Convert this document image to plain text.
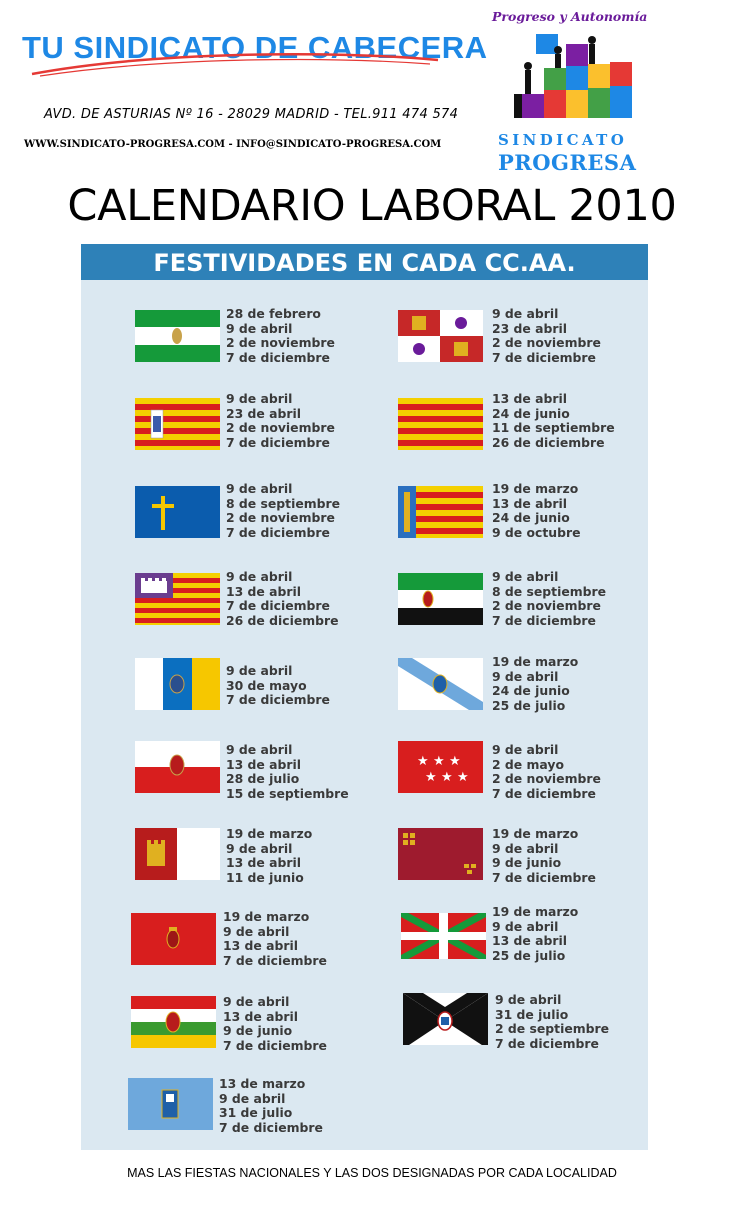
TU SINDICATO DE CABECERA
AVD. DE ASTURIAS Nº 16 - 28029 MADRID - TEL.911 474 574
WWW.SINDICATO-PROGRESA.COM - INFO@SINDICATO-PROGRESA.COM
Progreso y Autonomía
SINDICATO
PROGRESA
CALENDARIO LABORAL 2010
FESTIVIDADES EN CADA CC.AA.
28 de febrero
9 de abril
2 de noviembre
7 de diciembre
9 de abril
23 de abril
2 de noviembre
7 de diciembre
9 de abril
8 de septiembre
2 de noviembre
7 de diciembre
9 de abril
13 de abril
7 de diciembre
26 de diciembre
9 de abril
30 de mayo
7 de diciembre
9 de abril
13 de abril
28 de julio
15 de septiembre
19 de marzo
9 de abril
13 de abril
11 de junio
19 de marzo
9 de abril
13 de abril
7 de diciembre
9 de abril
13 de abril
9 de junio
7 de diciembre
13 de marzo
9 de abril
31 de julio
7 de diciembre
9 de abril
23 de abril
2 de noviembre
7 de diciembre
13 de abril
24 de junio
11 de septiembre
26 de diciembre
19 de marzo
13 de abril
24 de junio
9 de octubre
9 de abril
8 de septiembre
2 de noviembre
7 de diciembre
19 de marzo
9 de abril
24 de junio
25 de julio
★ ★ ★
★ ★ ★
9 de abril
2 de mayo
2 de noviembre
7 de diciembre
19 de marzo
9 de abril
9 de junio
7 de diciembre
19 de marzo
9 de abril
13 de abril
25 de julio
9 de abril
31 de julio
2 de septiembre
7 de diciembre
MAS LAS FIESTAS NACIONALES Y LAS DOS DESIGNADAS POR CADA LOCALIDAD
